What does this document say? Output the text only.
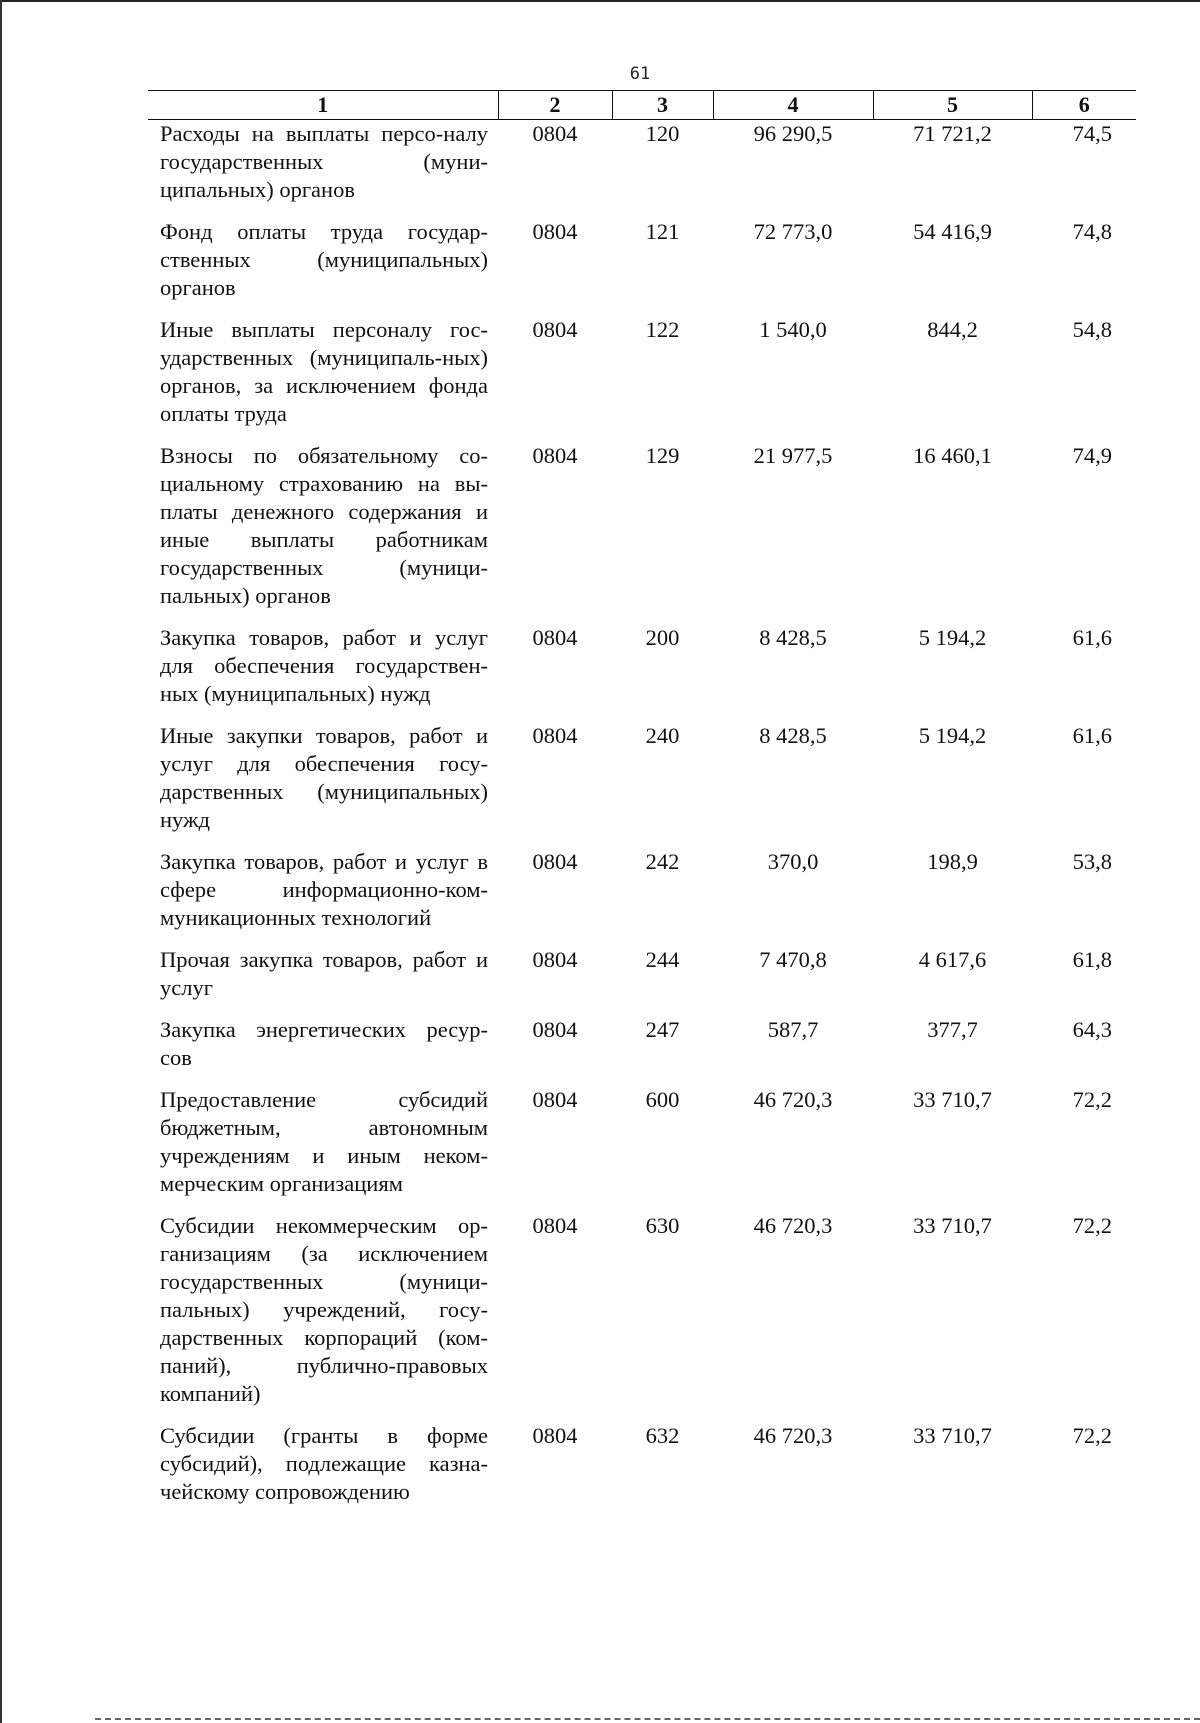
61
1	2	3	4	5	6
Расходы на выплаты персо-налу государственных (муни-ципальных) органов	0804	120	96 290,5	71 721,2	74,5
Фонд оплаты труда государ-ственных (муниципальных) органов	0804	121	72 773,0	54 416,9	74,8
Иные выплаты персоналу гос-ударственных (муниципаль-ных) органов, за исключением фонда оплаты труда	0804	122	1 540,0	844,2	54,8
Взносы по обязательному со-циальному страхованию на вы-платы денежного содержания и иные выплаты работникам государственных (муници-пальных) органов	0804	129	21 977,5	16 460,1	74,9
Закупка товаров, работ и услуг для обеспечения государствен-ных (муниципальных) нужд	0804	200	8 428,5	5 194,2	61,6
Иные закупки товаров, работ и услуг для обеспечения госу-дарственных (муниципальных) нужд	0804	240	8 428,5	5 194,2	61,6
Закупка товаров, работ и услуг в сфере информационно-ком-муникационных технологий	0804	242	370,0	198,9	53,8
Прочая закупка товаров, работ и услуг	0804	244	7 470,8	4 617,6	61,8
Закупка энергетических ресур-сов	0804	247	587,7	377,7	64,3
Предоставление субсидий бюджетным, автономным учреждениям и иным неком-мерческим организациям	0804	600	46 720,3	33 710,7	72,2
Субсидии некоммерческим ор-ганизациям (за исключением государственных (муници-пальных) учреждений, госу-дарственных корпораций (ком-паний), публично-правовых компаний)	0804	630	46 720,3	33 710,7	72,2
Субсидии (гранты в форме субсидий), подлежащие казна-чейскому сопровождению	0804	632	46 720,3	33 710,7	72,2
